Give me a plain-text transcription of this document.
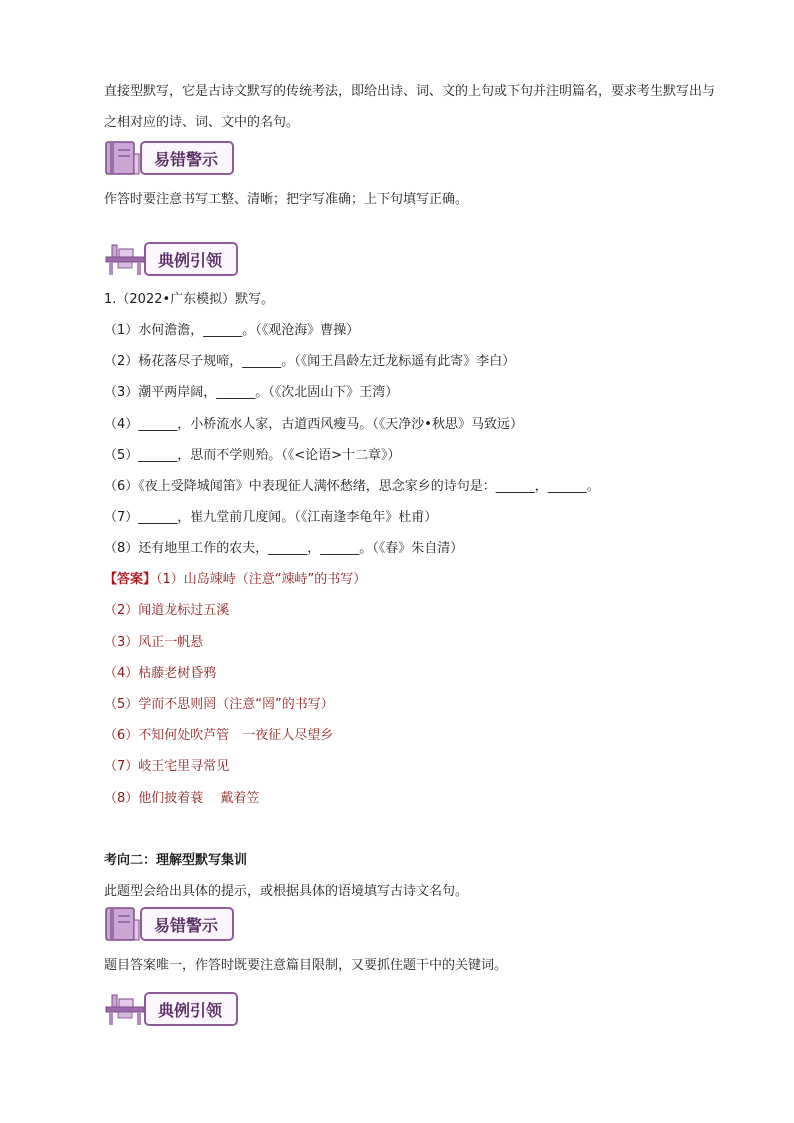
直接型默写，它是古诗文默写的传统考法，即给出诗、词、文的上句或下句并注明篇名，要求考生默写出与之相对应的诗、词、文中的名句。
易错警示
作答时要注意书写工整、清晰；把字写准确；上下句填写正确。
典例引领
1.（2022•广东模拟）默写。
（1）水何澹澹，______。（《观沧海》曹操）
（2）杨花落尽子规啼，______。（《闻王昌龄左迁龙标遥有此寄》李白）
（3）潮平两岸阔，______。（《次北固山下》王湾）
（4）______，小桥流水人家，古道西风瘦马。（《天净沙•秋思》马致远）
（5）______，思而不学则殆。（《<论语>十二章》）
（6）《夜上受降城闻笛》中表现征人满怀愁绪，思念家乡的诗句是：______，______。
（7）______，崔九堂前几度闻。（《江南逢李龟年》杜甫）
（8）还有地里工作的农夫，______，______。（《春》朱自清）
【答案】（1）山岛竦峙（注意“竦峙”的书写）
（2）闻道龙标过五溪
（3）风正一帆悬
（4）枯藤老树昏鸦
（5）学而不思则罔（注意“罔”的书写）
（6）不知何处吹芦管　一夜征人尽望乡
（7）岐王宅里寻常见
（8）他们披着蓑　 戴着笠
考向二：理解型默写集训
此题型会给出具体的提示，或根据具体的语境填写古诗文名句。
易错警示
题目答案唯一，作答时既要注意篇目限制，又要抓住题干中的关键词。
典例引领
